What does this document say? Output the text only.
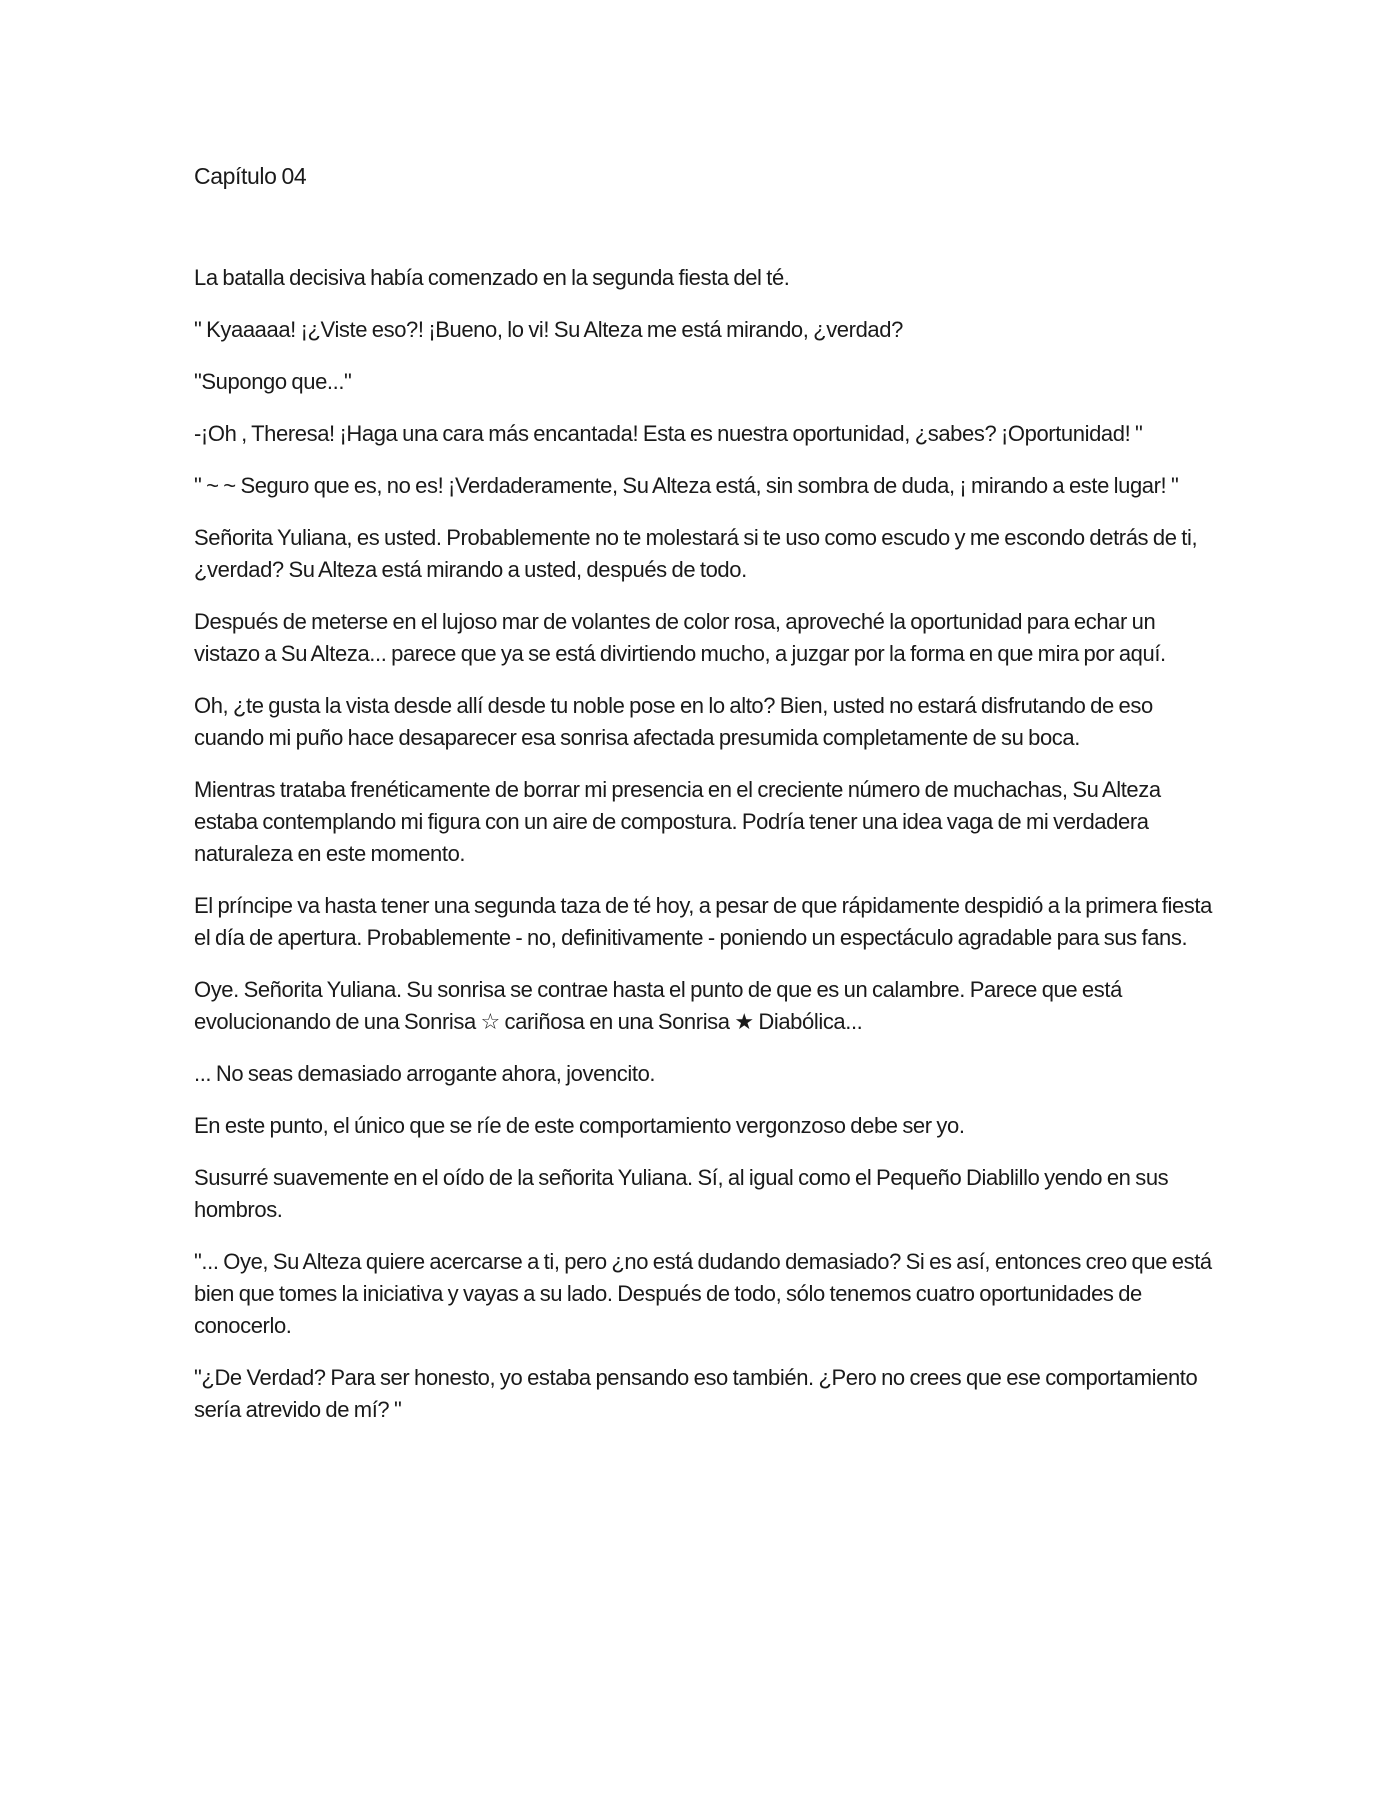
Capítulo 04

La batalla decisiva había comenzado en la segunda fiesta del té.

" Kyaaaaa! ¡¿Viste eso?! ¡Bueno, lo vi! Su Alteza me está mirando, ¿verdad?

"Supongo que..."

-¡Oh , Theresa! ¡Haga una cara más encantada! Esta es nuestra oportunidad, ¿sabes? ¡Oportunidad! "

" ~ ~ Seguro que es, no es! ¡Verdaderamente, Su Alteza está, sin sombra de duda, ¡ mirando a este lugar! "

Señorita Yuliana, es usted. Probablemente no te molestará si te uso como escudo y me escondo detrás de ti, ¿verdad? Su Alteza está mirando a usted, después de todo.

Después de meterse en el lujoso mar de volantes de color rosa, aproveché la oportunidad para echar un vistazo a Su Alteza... parece que ya se está divirtiendo mucho, a juzgar por la forma en que mira por aquí.

Oh, ¿te gusta la vista desde allí desde tu noble pose en lo alto? Bien, usted no estará disfrutando de eso cuando mi puño hace desaparecer esa sonrisa afectada presumida completamente de su boca.

Mientras trataba frenéticamente de borrar mi presencia en el creciente número de muchachas, Su Alteza estaba contemplando mi figura con un aire de compostura. Podría tener una idea vaga de mi verdadera naturaleza en este momento.

El príncipe va hasta tener una segunda taza de té hoy, a pesar de que rápidamente despidió a la primera fiesta el día de apertura. Probablemente - no, definitivamente - poniendo un espectáculo agradable para sus fans.

Oye. Señorita Yuliana. Su sonrisa se contrae hasta el punto de que es un calambre. Parece que está evolucionando de una Sonrisa ☆ cariñosa en una Sonrisa ★ Diabólica...

... No seas demasiado arrogante ahora, jovencito.

En este punto, el único que se ríe de este comportamiento vergonzoso debe ser yo.

Susurré suavemente en el oído de la señorita Yuliana. Sí, al igual como el Pequeño Diablillo yendo en sus hombros.

"... Oye, Su Alteza quiere acercarse a ti, pero ¿no está dudando demasiado? Si es así, entonces creo que está bien que tomes la iniciativa y vayas a su lado. Después de todo, sólo tenemos cuatro oportunidades de conocerlo.

"¿De Verdad? Para ser honesto, yo estaba pensando eso también. ¿Pero no crees que ese comportamiento sería atrevido de mí? "
